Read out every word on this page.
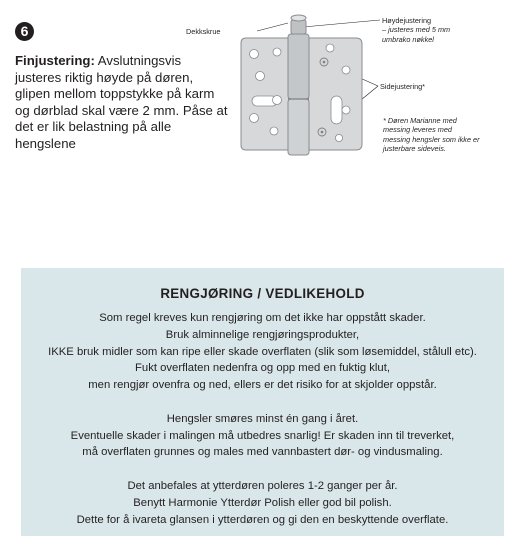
6

Finjustering: Avslutningsvis justeres riktig høyde på døren, glipen mellom toppstykke på karm og dørblad skal være 2 mm. Påse at det er lik belastning på alle hengslene

Dekkskrue
Høydejustering
– justeres med 5 mm
umbrako nøkkel
Sidejustering*
* Døren Marianne med
messing leveres med
messing hengsler som ikke er
justerbare sideveis.
RENGJØRING / VEDLIKEHOLD
Som regel kreves kun rengjøring om det ikke har oppstått skader.
Bruk alminnelige rengjøringsprodukter,
IKKE bruk midler som kan ripe eller skade overflaten (slik som løsemiddel, stålull etc).
Fukt overflaten nedenfra og opp med en fuktig klut,
men rengjør ovenfra og ned, ellers er det risiko for at skjolder oppstår.
Hengsler smøres minst én gang i året.
Eventuelle skader i malingen må utbedres snarlig! Er skaden inn til treverket,
må overflaten grunnes og males med vannbastert dør- og vindusmaling.
Det anbefales at ytterdøren poleres 1-2 ganger per år.
Benytt Harmonie Ytterdør Polish eller god bil polish.
Dette for å ivareta glansen i ytterdøren og gi den en beskyttende overflate.
